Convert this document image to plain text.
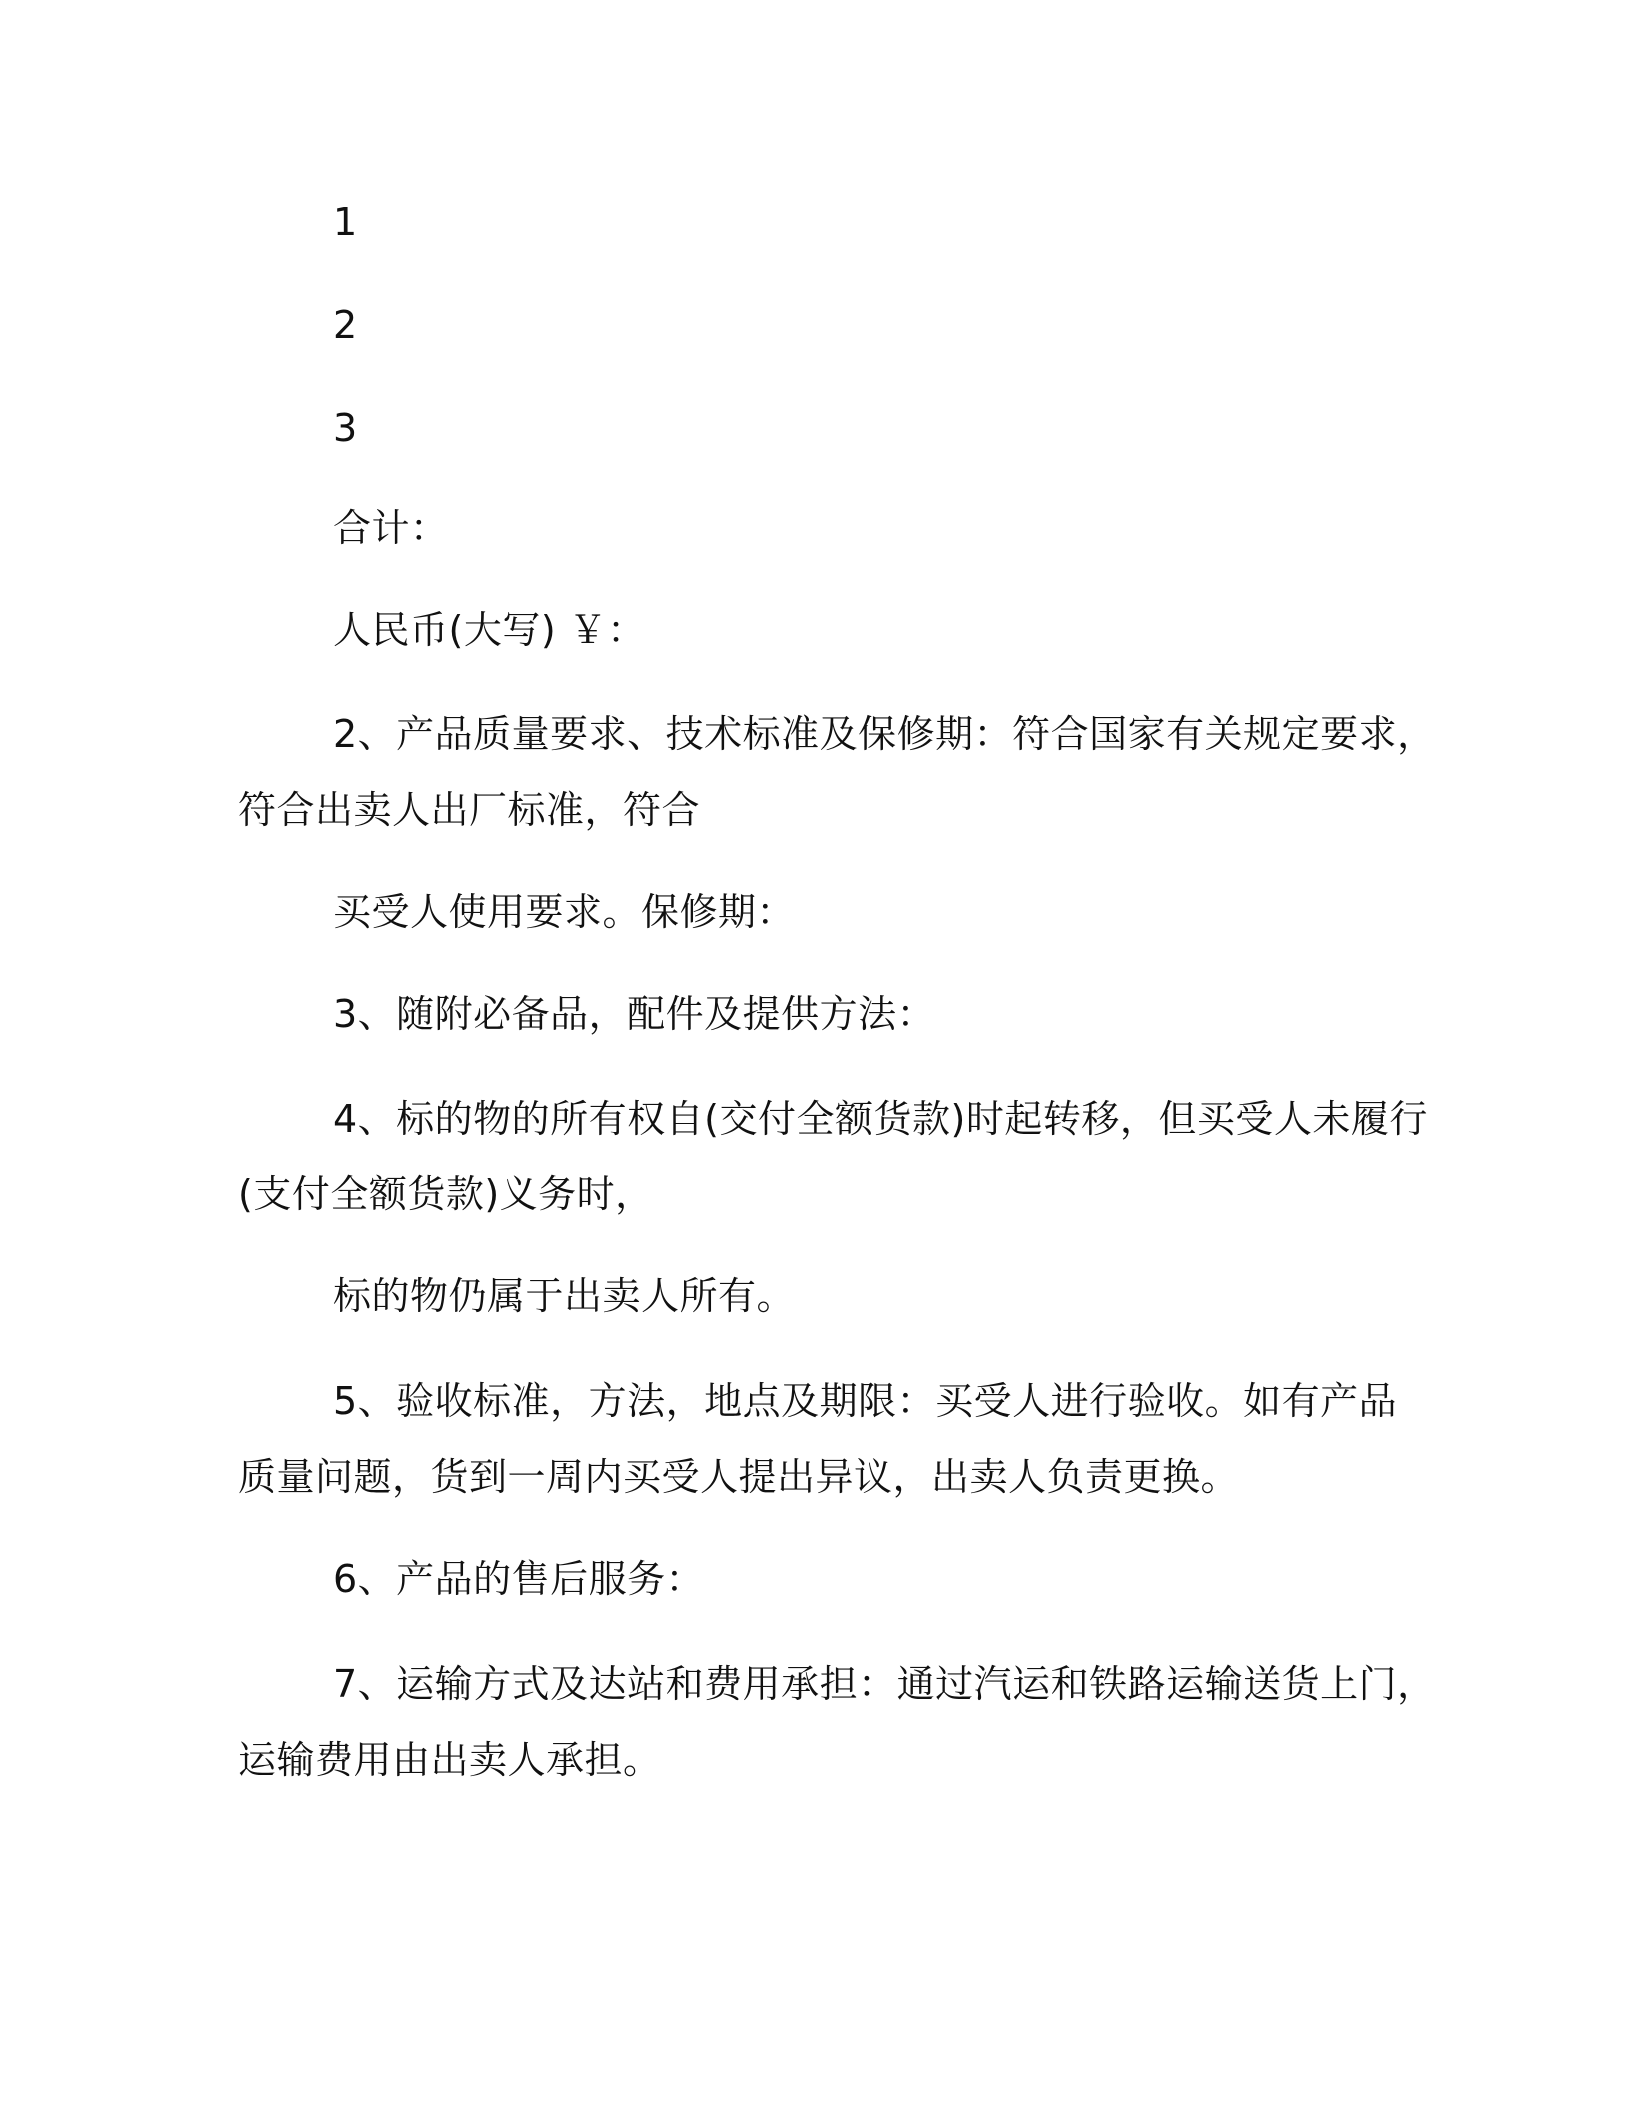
1
2
3
合计：
人民币(大写) ￥：
2、产品质量要求、技术标准及保修期：符合国家有关规定要求，
符合出卖人出厂标准，符合
买受人使用要求。保修期：
3、随附必备品，配件及提供方法：
4、标的物的所有权自(交付全额货款)时起转移，但买受人未履行
(支付全额货款)义务时，
标的物仍属于出卖人所有。
5、验收标准，方法，地点及期限：买受人进行验收。如有产品
质量问题，货到一周内买受人提出异议，出卖人负责更换。
6、产品的售后服务：
7、运输方式及达站和费用承担：通过汽运和铁路运输送货上门，
运输费用由出卖人承担。
